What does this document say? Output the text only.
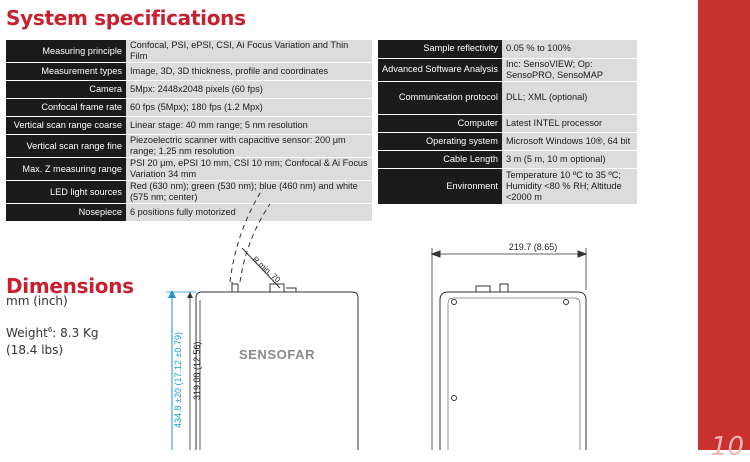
System specifications
Measuring principle	Confocal, PSI, ePSI, CSI, Ai Focus Variation and Thin Film
Measurement types	Image, 3D, 3D thickness, profile and coordinates
Camera	5Mpx: 2448x2048 pixels (60 fps)
Confocal frame rate	60 fps (5Mpx); 180 fps (1.2 Mpx)
Vertical scan range coarse	Linear stage: 40 mm range; 5 nm resolution
Vertical scan range fine	Piezoelectric scanner with capacitive sensor: 200 μm range; 1.25 nm resolution
Max. Z measuring range	PSI 20 μm, ePSI 10 mm, CSI 10 mm; Confocal & Ai Focus Variation 34 mm
LED light sources	Red (630 nm); green (530 nm); blue (460 nm) and white (575 nm; center)
Nosepiece	6 positions fully motorized
Sample reflectivity	0.05 % to 100%
Advanced Software Analysis	Inc: SensoVIEW; Op: SensoPRO, SensoMAP
Communication protocol	DLL; XML (optional)
Computer	Latest INTEL processor
Operating system	Microsoft Windows 10®, 64 bit
Cable Length	3 m (5 m, 10 m optional)
Environment	Temperature 10 ºC to 35 ºC; Humidity <80 % RH; Altitude <2000 m
Dimensions
mm (inch)
Weight$^6$: 8.3 Kg
(18.4 lbs)
R min. 70
SENSOFAR
434.8 ±20 (17.12 ±0.79) 319.08 (12.56)
219.7 (8.65)
10
